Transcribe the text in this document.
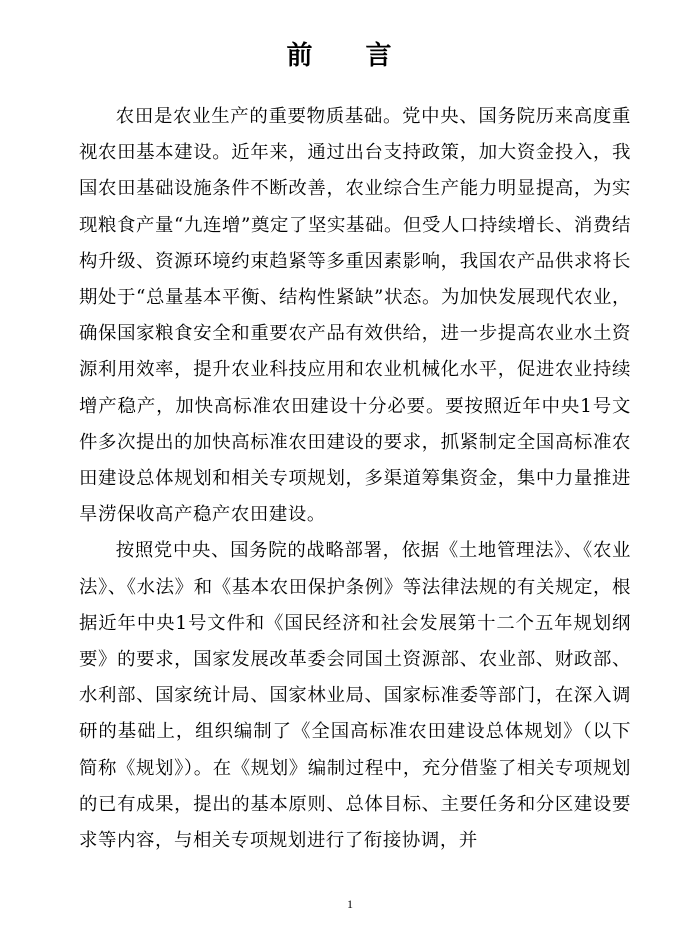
前 言

农田是农业生产的重要物质基础。党中央、国务院历来高度重视农田基本建设。近年来，通过出台支持政策，加大资金投入，我国农田基础设施条件不断改善，农业综合生产能力明显提高，为实现粮食产量“九连增”奠定了坚实基础。但受人口持续增长、消费结构升级、资源环境约束趋紧等多重因素影响，我国农产品供求将长期处于“总量基本平衡、结构性紧缺”状态。为加快发展现代农业，确保国家粮食安全和重要农产品有效供给，进一步提高农业水土资源利用效率，提升农业科技应用和农业机械化水平，促进农业持续增产稳产，加快高标准农田建设十分必要。要按照近年中央1号文件多次提出的加快高标准农田建设的要求，抓紧制定全国高标准农田建设总体规划和相关专项规划，多渠道筹集资金，集中力量推进旱涝保收高产稳产农田建设。

按照党中央、国务院的战略部署，依据《土地管理法》、《农业法》、《水法》和《基本农田保护条例》等法律法规的有关规定，根据近年中央1号文件和《国民经济和社会发展第十二个五年规划纲要》的要求，国家发展改革委会同国土资源部、农业部、财政部、水利部、国家统计局、国家林业局、国家标准委等部门，在深入调研的基础上，组织编制了《全国高标准农田建设总体规划》（以下简称《规划》）。在《规划》编制过程中，充分借鉴了相关专项规划的已有成果，提出的基本原则、总体目标、主要任务和分区建设要求等内容，与相关专项规划进行了衔接协调，并

1
